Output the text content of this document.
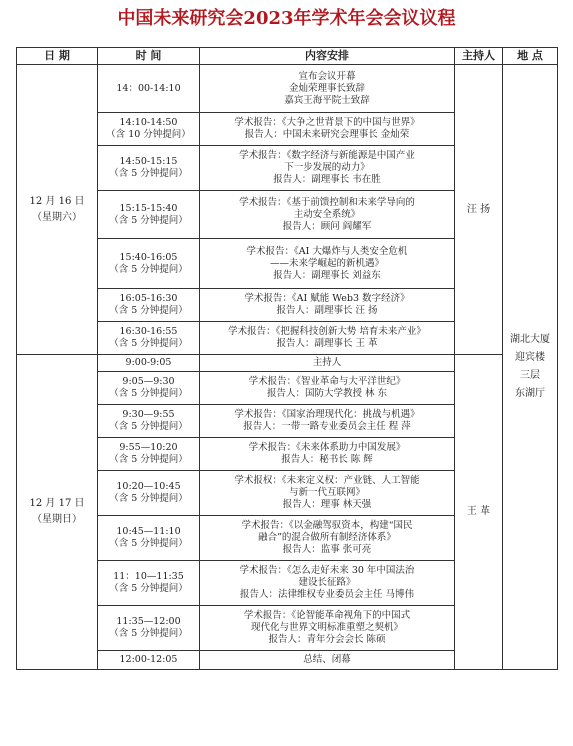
中国未来研究会2023年学术年会会议议程
日 期	时 间	内容安排	主持人	地 点

12 月 16 日
（星期六）	14：00-14:10	宣布会议开幕
金灿荣理事长致辞
嘉宾王海平院士致辞	汪 扬	湖北大厦
迎宾楼
三层
东湖厅

	14:10-14:50
（含 10 分钟提问）	学术报告：《大争之世背景下的中国与世界》
报告人：中国未来研究会理事长 金灿荣		

	14:50-15:15
（含 5 分钟提问）	学术报告：《数字经济与新能源是中国产业
下一步发展的动力》
报告人：副理事长 韦在胜		

	15:15-15:40
（含 5 分钟提问）	学术报告：《基于前馈控制和未来学导向的
主动安全系统》
报告人：顾问 阎耀军		

	15:40-16:05
（含 5 分钟提问）	学术报告：《AI 大爆炸与人类安全危机
——未来学崛起的新机遇》
报告人：副理事长 刘益东		

	16:05-16:30
（含 5 分钟提问）	学术报告：《AI 赋能 Web3 数字经济》
报告人：副理事长 汪 扬		

	16:30-16:55
（含 5 分钟提问）	学术报告：《把握科技创新大势 培育未来产业》
报告人：副理事长 王 革		

12 月 17 日
（星期日）	9:00-9:05	主持人	王 革	

	9:05—9:30
（含 5 分钟提问）	学术报告：《智业革命与大平洋世纪》
报告人：国防大学教授 林 东		

	9:30—9:55
（含 5 分钟提问）	学术报告：《国家治理现代化：挑战与机遇》
报告人：一带一路专业委员会主任 程 萍		

	9:55—10:20
（含 5 分钟提问）	学术报告：《未来体系助力中国发展》
报告人：秘书长 陈 辉		

	10:20—10:45
（含 5 分钟提问）	学术报权：《未来定义权：产业链、人工智能
与新一代互联网》
报告人：理事 林天强		

	10:45—11:10
（含 5 分钟提问）	学术报告：《以金融驾驭资本，构建“国民
融合”的混合做所有制经济体系》
报告人：监事 张可亮		

	11：10—11:35
（含 5 分钟提问）	学术报告：《怎么走好未来 30 年中国法治
建设长征路》
报告人：法律维权专业委员会主任 马博伟		

	11:35—12:00
（含 5 分钟提问）	学术报告：《论智能革命视角下的中国式
现代化与世界文明标准重塑之契机》
报告人：青年分会会长 陈硕		

	12:00-12:05	总结、闭幕		
